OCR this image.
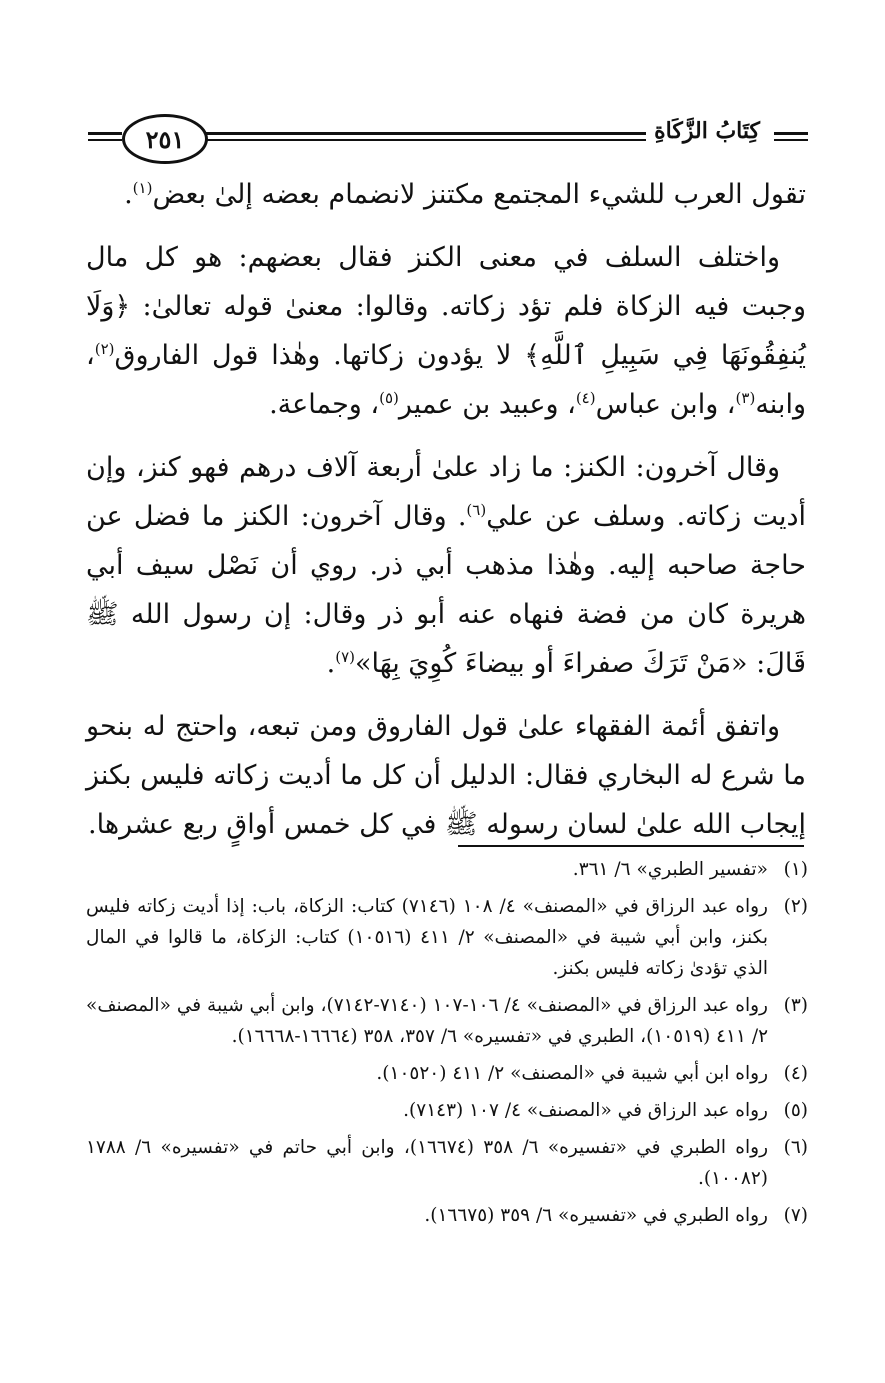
٢٥١	كِتَابُ الزَّكَاةِ

تقول العرب للشيء المجتمع مكتنز لانضمام بعضه إلىٰ بعض$^{(١)}$.

واختلف السلف في معنى الكنز فقال بعضهم: هو كل مال وجبت فيه الزكاة فلم تؤد زكاته. وقالوا: معنىٰ قوله تعالىٰ: ﴿وَلَا يُنفِقُونَهَا فِي سَبِيلِ ٱللَّهِ﴾ لا يؤدون زكاتها. وهٰذا قول الفاروق$^{(٢)}$، وابنه$^{(٣)}$، وابن عباس$^{(٤)}$، وعبيد بن عمير$^{(٥)}$، وجماعة.

وقال آخرون: الكنز: ما زاد علىٰ أربعة آلاف درهم فهو كنز، وإن أديت زكاته. وسلف عن علي$^{(٦)}$. وقال آخرون: الكنز ما فضل عن حاجة صاحبه إليه. وهٰذا مذهب أبي ذر. روي أن نَصْل سيف أبي هريرة كان من فضة فنهاه عنه أبو ذر وقال: إن رسول الله ﷺ قَالَ: «مَنْ تَرَكَ صفراءَ أو بيضاءَ كُوِيَ بِهَا»$^{(٧)}$.

واتفق أئمة الفقهاء علىٰ قول الفاروق ومن تبعه، واحتج له بنحو ما شرع له البخاري فقال: الدليل أن كل ما أديت زكاته فليس بكنز إيجاب الله علىٰ لسان رسوله ﷺ في كل خمس أواقٍ ربع عشرها.

(١)
«تفسير الطبري» ٦/ ٣٦١.
(٢)
رواه عبد الرزاق في «المصنف» ٤/ ١٠٨ (٧١٤٦) كتاب: الزكاة، باب: إذا أديت زكاته فليس بكنز، وابن أبي شيبة في «المصنف» ٢/ ٤١١ (١٠٥١٦) كتاب: الزكاة، ما قالوا في المال الذي تؤدىٰ زكاته فليس بكنز.
(٣)
رواه عبد الرزاق في «المصنف» ٤/ ١٠٦-١٠٧ (٧١٤٠-٧١٤٢)، وابن أبي شيبة في «المصنف» ٢/ ٤١١ (١٠٥١٩)، الطبري في «تفسيره» ٦/ ٣٥٧، ٣٥٨ (١٦٦٦٤-١٦٦٦٨).
(٤)
رواه ابن أبي شيبة في «المصنف» ٢/ ٤١١ (١٠٥٢٠).
(٥)
رواه عبد الرزاق في «المصنف» ٤/ ١٠٧ (٧١٤٣).
(٦)
رواه الطبري في «تفسيره» ٦/ ٣٥٨ (١٦٦٧٤)، وابن أبي حاتم في «تفسيره» ٦/ ١٧٨٨ (١٠٠٨٢).
(٧)
رواه الطبري في «تفسيره» ٦/ ٣٥٩ (١٦٦٧٥).
